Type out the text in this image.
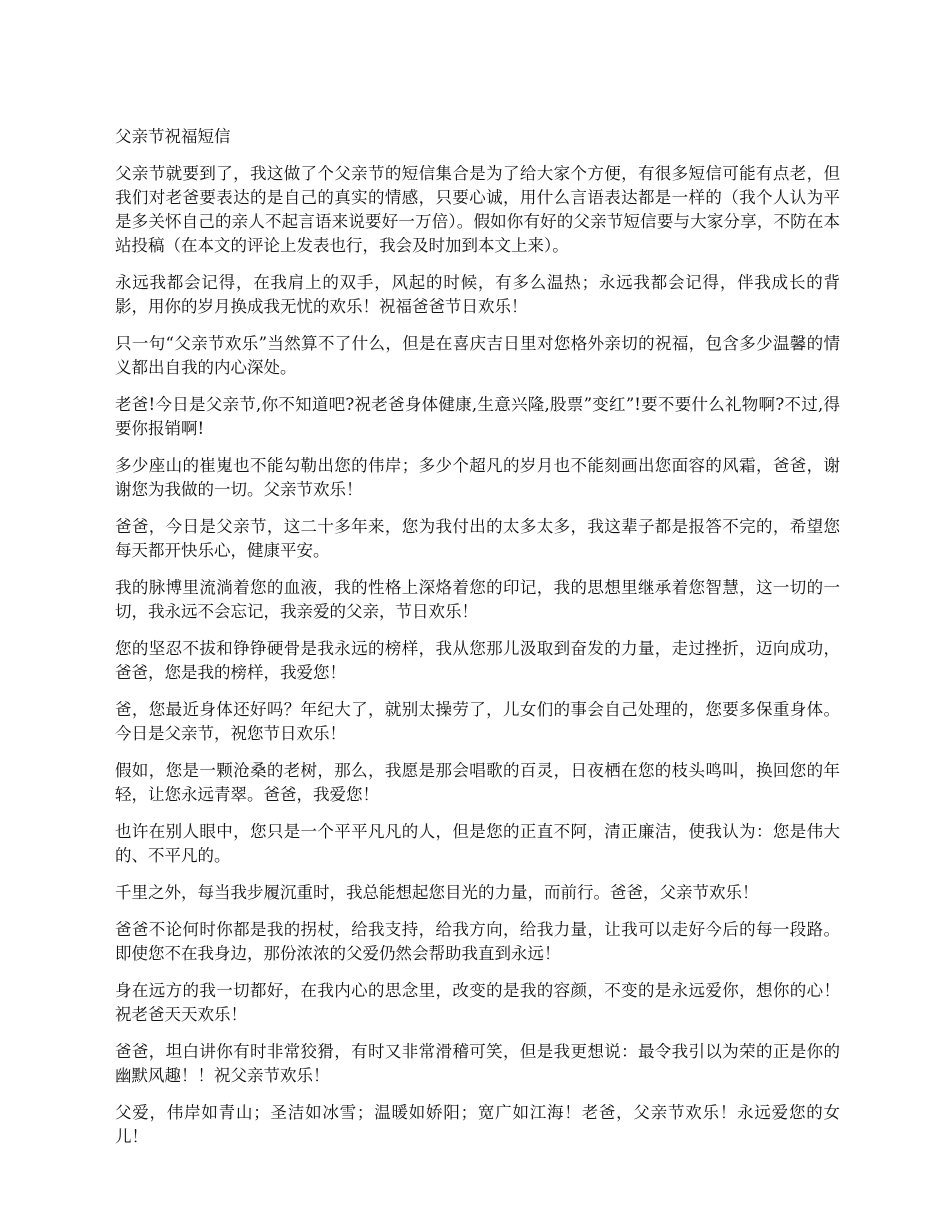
父亲节祝福短信

父亲节就要到了，我这做了个父亲节的短信集合是为了给大家个方便，有很多短信可能有点老，但我们对老爸要表达的是自己的真实的情感，只要心诚，用什么言语表达都是一样的（我个人认为平是多关怀自己的亲人不起言语来说要好一万倍）。假如你有好的父亲节短信要与大家分享，不防在本站投稿（在本文的评论上发表也行，我会及时加到本文上来）。

永远我都会记得，在我肩上的双手，风起的时候，有多么温热；永远我都会记得，伴我成长的背影，用你的岁月换成我无忧的欢乐！祝福爸爸节日欢乐！

只一句“父亲节欢乐”当然算不了什么，但是在喜庆吉日里对您格外亲切的祝福，包含多少温馨的情义都出自我的内心深处。

老爸!今日是父亲节,你不知道吧?祝老爸身体健康,生意兴隆,股票”变红”!要不要什么礼物啊?不过,得要你报销啊!

多少座山的崔嵬也不能勾勒出您的伟岸；多少个超凡的岁月也不能刻画出您面容的风霜，爸爸，谢谢您为我做的一切。父亲节欢乐！

爸爸，今日是父亲节，这二十多年来，您为我付出的太多太多，我这辈子都是报答不完的，希望您每天都开快乐心，健康平安。

我的脉博里流淌着您的血液，我的性格上深烙着您的印记，我的思想里继承着您智慧，这一切的一切，我永远不会忘记，我亲爱的父亲，节日欢乐！

您的坚忍不拔和铮铮硬骨是我永远的榜样，我从您那儿汲取到奋发的力量，走过挫折，迈向成功，爸爸，您是我的榜样，我爱您！

爸，您最近身体还好吗？年纪大了，就别太操劳了，儿女们的事会自己处理的，您要多保重身体。今日是父亲节，祝您节日欢乐！

假如，您是一颗沧桑的老树，那么，我愿是那会唱歌的百灵，日夜栖在您的枝头鸣叫，换回您的年轻，让您永远青翠。爸爸，我爱您！

也许在别人眼中，您只是一个平平凡凡的人，但是您的正直不阿，清正廉洁，使我认为：您是伟大的、不平凡的。

千里之外，每当我步履沉重时，我总能想起您目光的力量，而前行。爸爸，父亲节欢乐！

爸爸不论何时你都是我的拐杖，给我支持，给我方向，给我力量，让我可以走好今后的每一段路。即使您不在我身边，那份浓浓的父爱仍然会帮助我直到永远！

身在远方的我一切都好，在我内心的思念里，改变的是我的容颜，不变的是永远爱你，想你的心！祝老爸天天欢乐！

爸爸，坦白讲你有时非常狡猾，有时又非常滑稽可笑，但是我更想说：最令我引以为荣的正是你的幽默风趣！！祝父亲节欢乐！

父爱，伟岸如青山；圣洁如冰雪；温暖如娇阳；宽广如江海！老爸，父亲节欢乐！永远爱您的女儿！
